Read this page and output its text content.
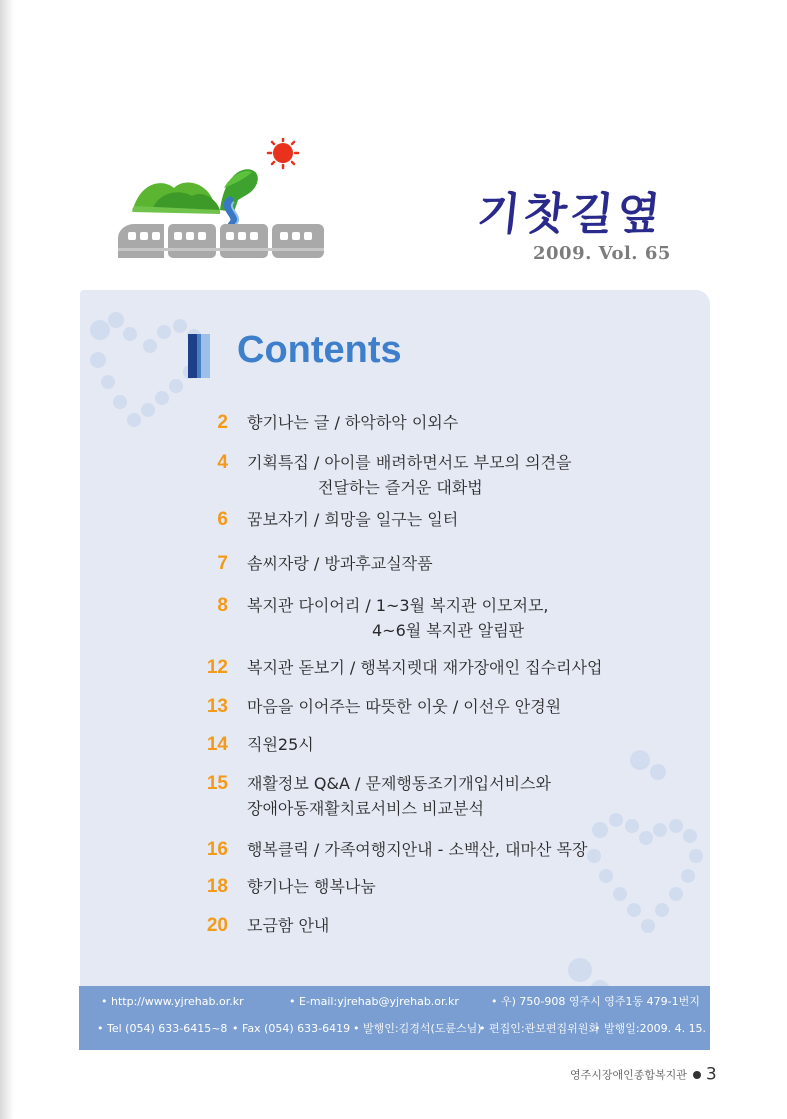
기찻길옆
2009. Vol. 65
Contents
2 향기나는 글 / 하악하악 이외수
4 기획특집 / 아이를 배려하면서도 부모의 의견을
전달하는 즐거운 대화법
6 꿈보자기 / 희망을 일구는 일터
7 솜씨자랑 / 방과후교실작품
8 복지관 다이어리 / 1~3월 복지관 이모저모,
4~6월 복지관 알림판
12 복지관 돋보기 / 행복지렛대 재가장애인 집수리사업
13 마음을 이어주는 따뜻한 이웃 / 이선우 안경원
14 직원25시
15 재활정보 Q&A / 문제행동조기개입서비스와
장애아동재활치료서비스 비교분석
16 행복클릭 / 가족여행지안내 - 소백산, 대마산 목장
18 향기나는 행복나눔
20 모금함 안내
• http://www.yjrehab.or.kr	• E-mail:yjrehab@yjrehab.or.kr	• 우) 750-908 영주시 영주1동 479-1번지
• Tel (054) 633-6415~8	• Fax (054) 633-6419	• 발행인:김경석(도륜스님) • 편집인:관보편집위원회 • 발행일:2009. 4. 15.
영주시장애인종합복지관 3
